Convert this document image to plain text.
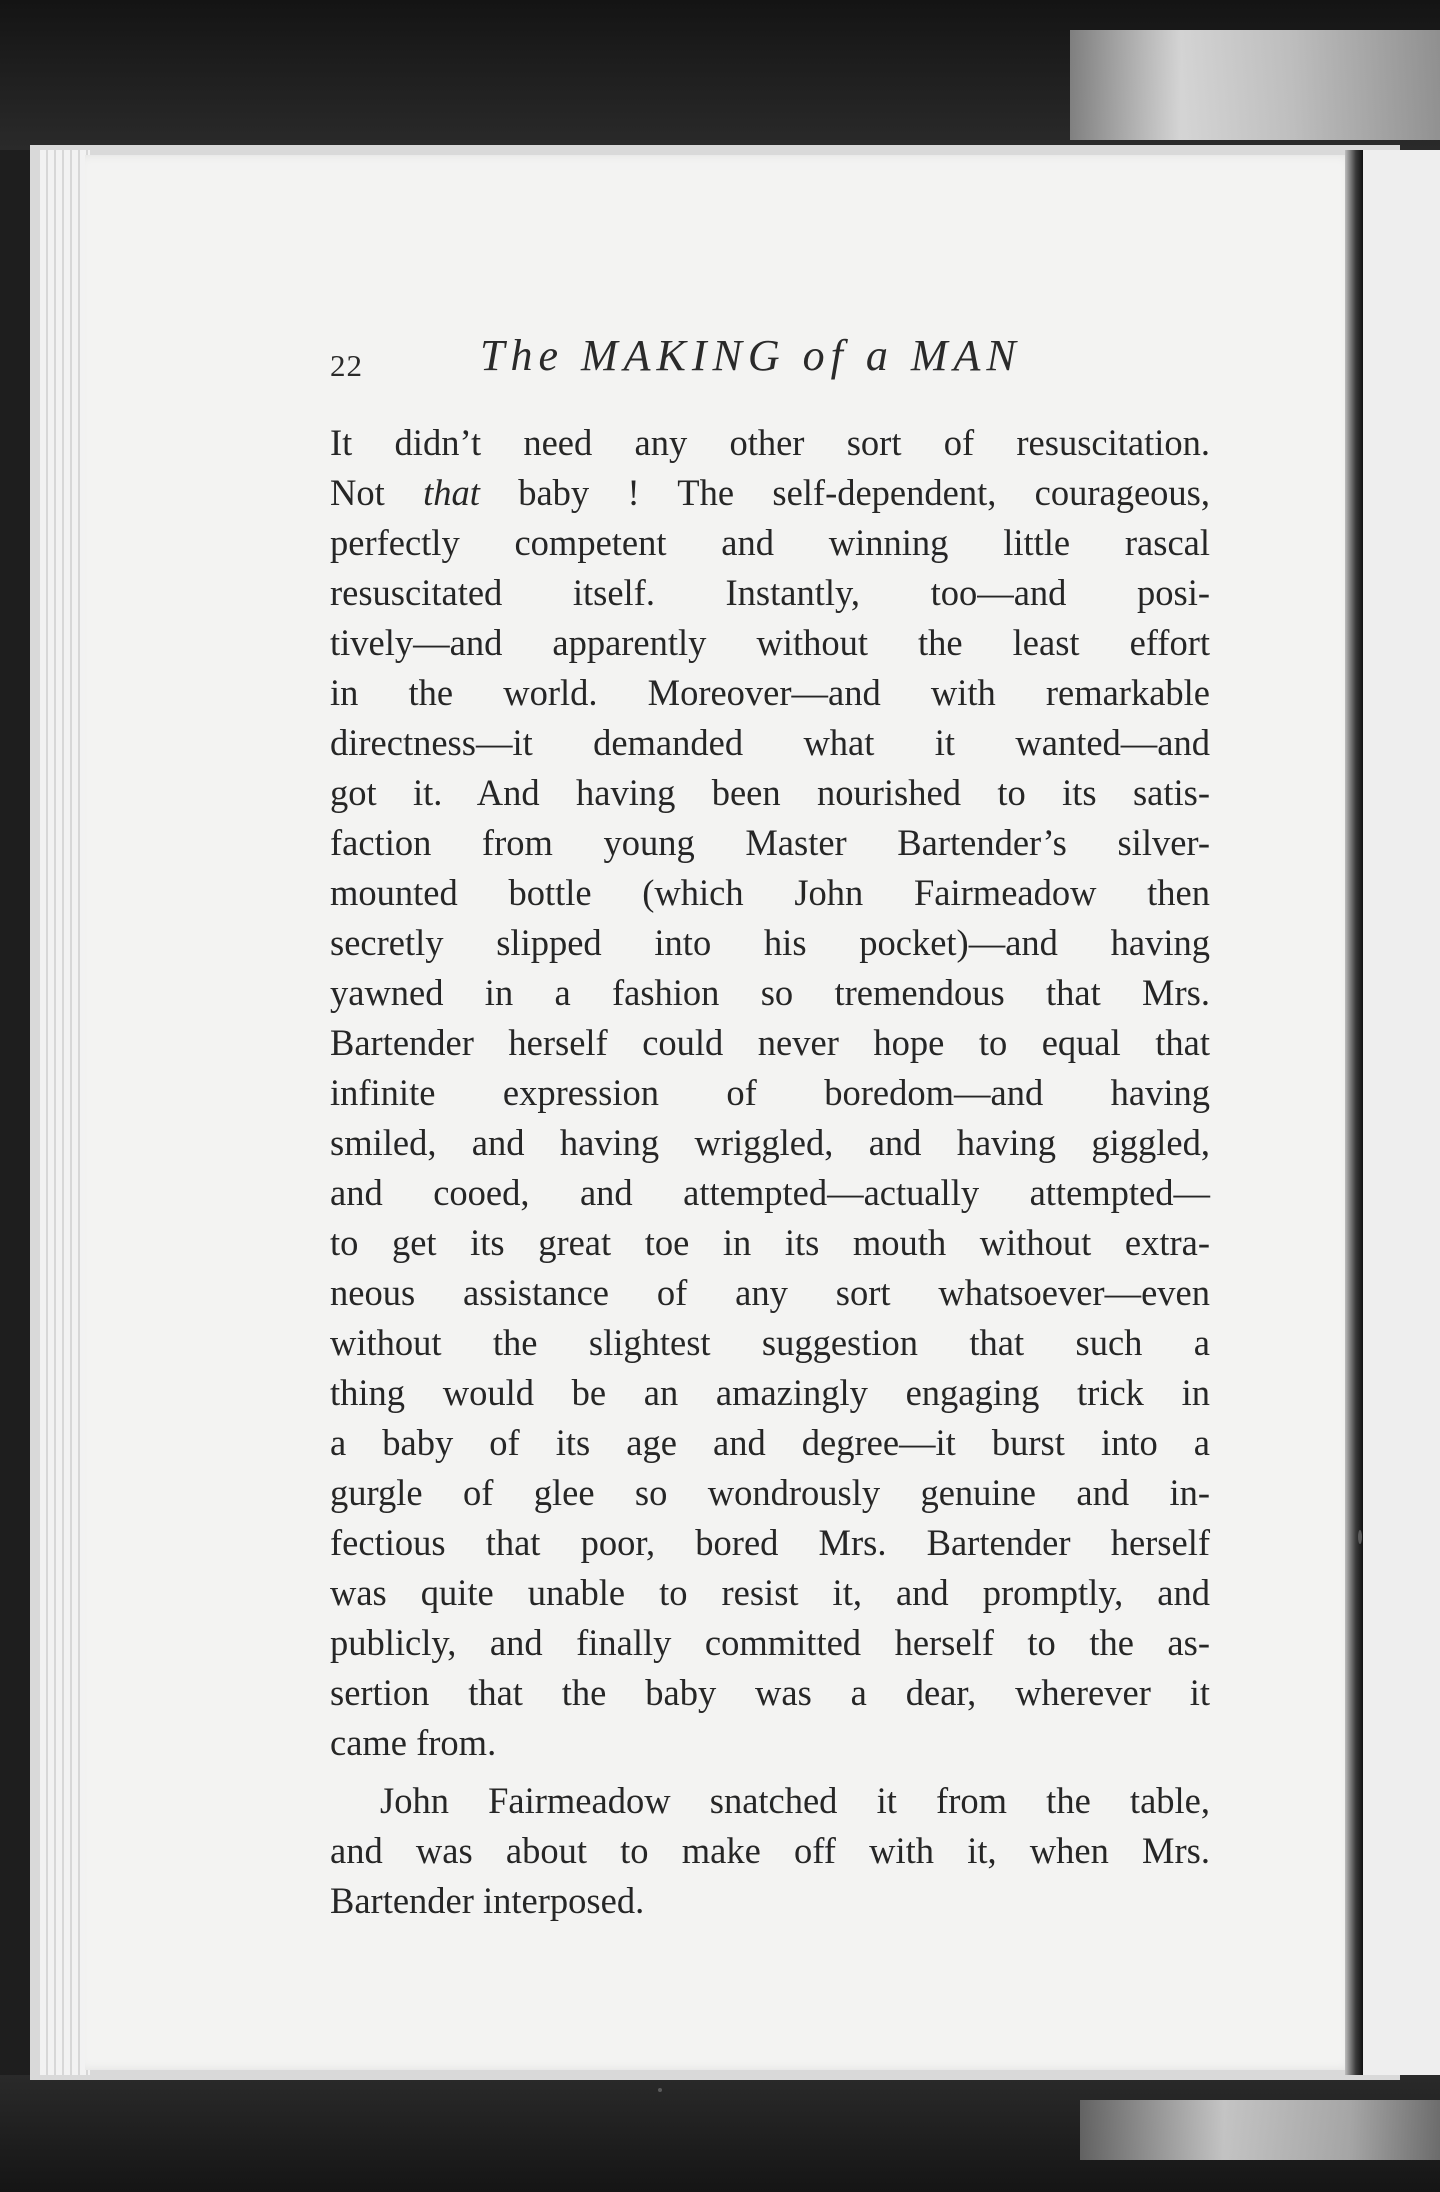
22	The MAKING of a MAN
It didn’t need any other sort of resuscitation.
Not that baby ! The self-dependent, courageous,
perfectly competent and winning little rascal
resuscitated itself. Instantly, too—and posi-
tively—and apparently without the least effort
in the world. Moreover—and with remarkable
directness—it demanded what it wanted—and
got it. And having been nourished to its satis-
faction from young Master Bartender’s silver-
mounted bottle (which John Fairmeadow then
secretly slipped into his pocket)—and having
yawned in a fashion so tremendous that Mrs.
Bartender herself could never hope to equal that
infinite expression of boredom—and having
smiled, and having wriggled, and having giggled,
and cooed, and attempted—actually attempted—
to get its great toe in its mouth without extra-
neous assistance of any sort whatsoever—even
without the slightest suggestion that such a
thing would be an amazingly engaging trick in
a baby of its age and degree—it burst into a
gurgle of glee so wondrously genuine and in-
fectious that poor, bored Mrs. Bartender herself
was quite unable to resist it, and promptly, and
publicly, and finally committed herself to the as-
sertion that the baby was a dear, wherever it
came from.
John Fairmeadow snatched it from the table,
and was about to make off with it, when Mrs.
Bartender interposed.
